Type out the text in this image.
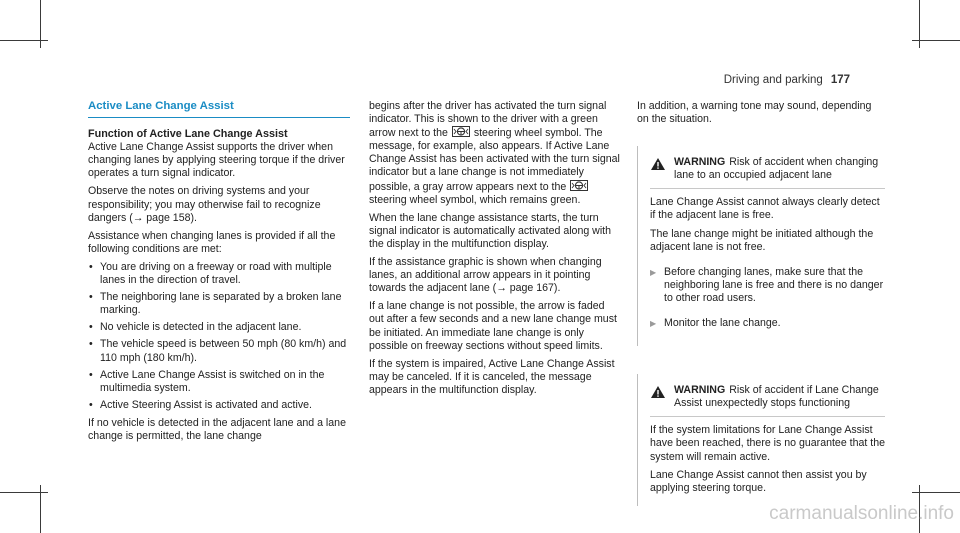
Driving and parking 177
Active Lane Change Assist
Function of Active Lane Change Assist

Active Lane Change Assist supports the driver when changing lanes by applying steering torque if the driver operates a turn signal indicator.

Observe the notes on driving systems and your responsibility; you may otherwise fail to recognize dangers (→ page 158).

Assistance when changing lanes is provided if all the following conditions are met:

• You are driving on a freeway or road with multiple lanes in the direction of travel.
• The neighboring lane is separated by a broken lane marking.
• No vehicle is detected in the adjacent lane.
• The vehicle speed is between 50 mph (80 km/h) and 110 mph (180 km/h).
• Active Lane Change Assist is switched on in the multimedia system.
• Active Steering Assist is activated and active.

If no vehicle is detected in the adjacent lane and a lane change is permitted, the lane change

begins after the driver has activated the turn signal indicator. This is shown to the driver with a green arrow next to the steering wheel symbol. The message, for example, also appears. If Active Lane Change Assist has been activated with the turn signal indicator but a lane change is not immediately possible, a gray arrow appears next to the  steering wheel symbol, which remains green.

When the lane change assistance starts, the turn signal indicator is automatically activated along with the display in the multifunction display.

If the assistance graphic is shown when changing lanes, an additional arrow appears in it pointing towards the adjacent lane (→ page 167).

If a lane change is not possible, the arrow is faded out after a few seconds and a new lane change must be initiated. An immediate lane change is only possible on freeway sections without speed limits.

If the system is impaired, Active Lane Change Assist may be canceled. If it is canceled, the message appears in the multifunction display.

In addition, a warning tone may sound, depending on the situation.

WARNING Risk of accident when changing lane to an occupied adjacent lane

Lane Change Assist cannot always clearly detect if the adjacent lane is free.

The lane change might be initiated although the adjacent lane is not free.

▶ Before changing lanes, make sure that the neighboring lane is free and there is no danger to other road users.
▶ Monitor the lane change.
WARNING Risk of accident if Lane Change Assist unexpectedly stops functioning

If the system limitations for Lane Change Assist have been reached, there is no guarantee that the system will remain active.

Lane Change Assist cannot then assist you by applying steering torque.

carmanualsonline.info
